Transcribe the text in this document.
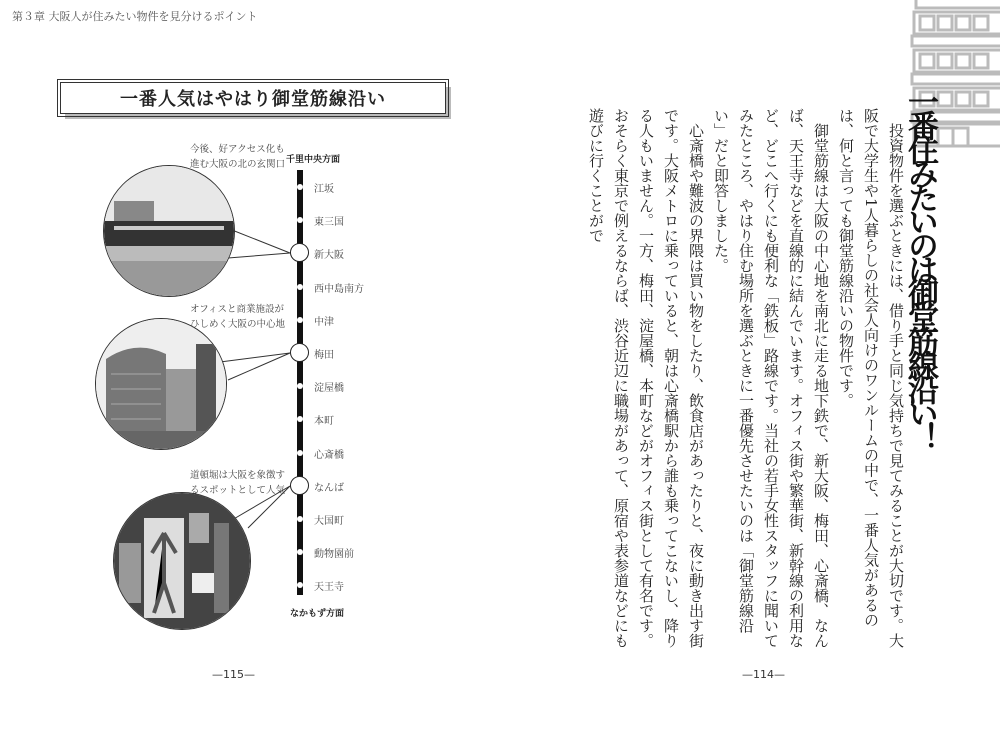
第３章 大阪人が住みたい物件を見分けるポイント
一番人気はやはり御堂筋線沿い
今後、好アクセス化も
進む大阪の北の玄関口
オフィスと商業施設が
ひしめく大阪の中心地
道頓堀は大阪を象徴す
るスポットとして人気
千里中央方面
江坂
東三国
新大阪
西中島南方
中津
梅田
淀屋橋
本町
心斎橋
なんば
大国町
動物園前
天王寺
なかもず方面
—115—
一番住みたいのは御堂筋線沿い！

投資物件を選ぶときには、借り手と同じ気持ちで見てみることが大切です。大阪で大学生や1人暮らしの社会人向けのワンルームの中で、一番人気があるのは、何と言っても御堂筋線沿いの物件です。

御堂筋線は大阪の中心地を南北に走る地下鉄で、新大阪、梅田、心斎橋、なんば、天王寺などを直線的に結んでいます。オフィス街や繁華街、新幹線の利用など、どこへ行くにも便利な「鉄板」路線です。当社の若手女性スタッフに聞いてみたところ、やはり住む場所を選ぶときに一番優先させたいのは「御堂筋線沿い」だと即答しました。

心斎橋や難波の界隈は買い物をしたり、飲食店があったりと、夜に動き出す街です。大阪メトロに乗っていると、朝は心斎橋駅から誰も乗ってこないし、降りる人もいません。一方、梅田、淀屋橋、本町などがオフィス街として有名です。おそらく東京で例えるならば、渋谷近辺に職場があって、原宿や表参道などにも遊びに行くことがで

—114—
